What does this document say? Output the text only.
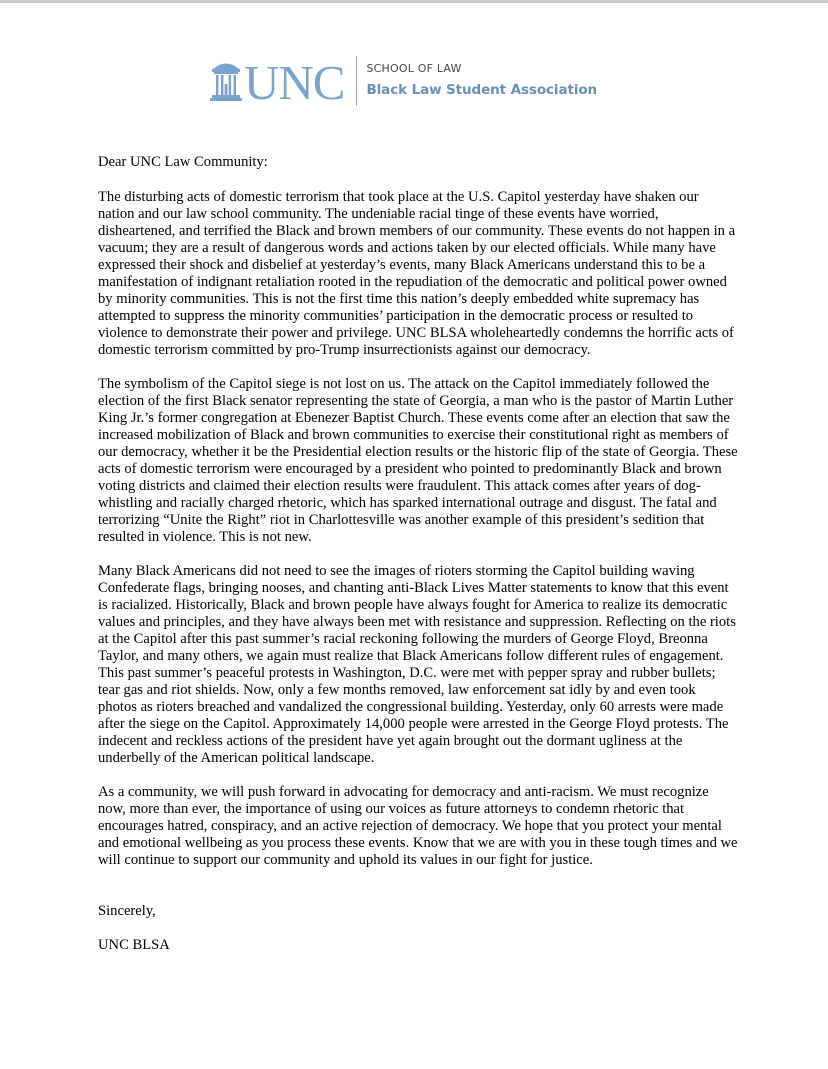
UNC SCHOOL OF LAW
Black Law Student Association

Dear UNC Law Community:

The disturbing acts of domestic terrorism that took place at the U.S. Capitol yesterday have shaken our nation and our law school community. The undeniable racial tinge of these events have worried, disheartened, and terrified the Black and brown members of our community. These events do not happen in a vacuum; they are a result of dangerous words and actions taken by our elected officials. While many have expressed their shock and disbelief at yesterday’s events, many Black Americans understand this to be a manifestation of indignant retaliation rooted in the repudiation of the democratic and political power owned by minority communities. This is not the first time this nation’s deeply embedded white supremacy has attempted to suppress the minority communities’ participation in the democratic process or resulted to violence to demonstrate their power and privilege. UNC BLSA wholeheartedly condemns the horrific acts of domestic terrorism committed by pro-Trump insurrectionists against our democracy.

The symbolism of the Capitol siege is not lost on us. The attack on the Capitol immediately followed the election of the first Black senator representing the state of Georgia, a man who is the pastor of Martin Luther King Jr.’s former congregation at Ebenezer Baptist Church. These events come after an election that saw the increased mobilization of Black and brown communities to exercise their constitutional right as members of our democracy, whether it be the Presidential election results or the historic flip of the state of Georgia. These acts of domestic terrorism were encouraged by a president who pointed to predominantly Black and brown voting districts and claimed their election results were fraudulent. This attack comes after years of dog-whistling and racially charged rhetoric, which has sparked international outrage and disgust. The fatal and terrorizing “Unite the Right” riot in Charlottesville was another example of this president’s sedition that resulted in violence. This is not new.

Many Black Americans did not need to see the images of rioters storming the Capitol building waving Confederate flags, bringing nooses, and chanting anti-Black Lives Matter statements to know that this event is racialized. Historically, Black and brown people have always fought for America to realize its democratic values and principles, and they have always been met with resistance and suppression. Reflecting on the riots at the Capitol after this past summer’s racial reckoning following the murders of George Floyd, Breonna Taylor, and many others, we again must realize that Black Americans follow different rules of engagement. This past summer’s peaceful protests in Washington, D.C. were met with pepper spray and rubber bullets; tear gas and riot shields. Now, only a few months removed, law enforcement sat idly by and even took photos as rioters breached and vandalized the congressional building. Yesterday, only 60 arrests were made after the siege on the Capitol. Approximately 14,000 people were arrested in the George Floyd protests. The indecent and reckless actions of the president have yet again brought out the dormant ugliness at the underbelly of the American political landscape.

As a community, we will push forward in advocating for democracy and anti-racism. We must recognize now, more than ever, the importance of using our voices as future attorneys to condemn rhetoric that encourages hatred, conspiracy, and an active rejection of democracy. We hope that you protect your mental and emotional wellbeing as you process these events. Know that we are with you in these tough times and we will continue to support our community and uphold its values in our fight for justice.

Sincerely,

UNC BLSA
